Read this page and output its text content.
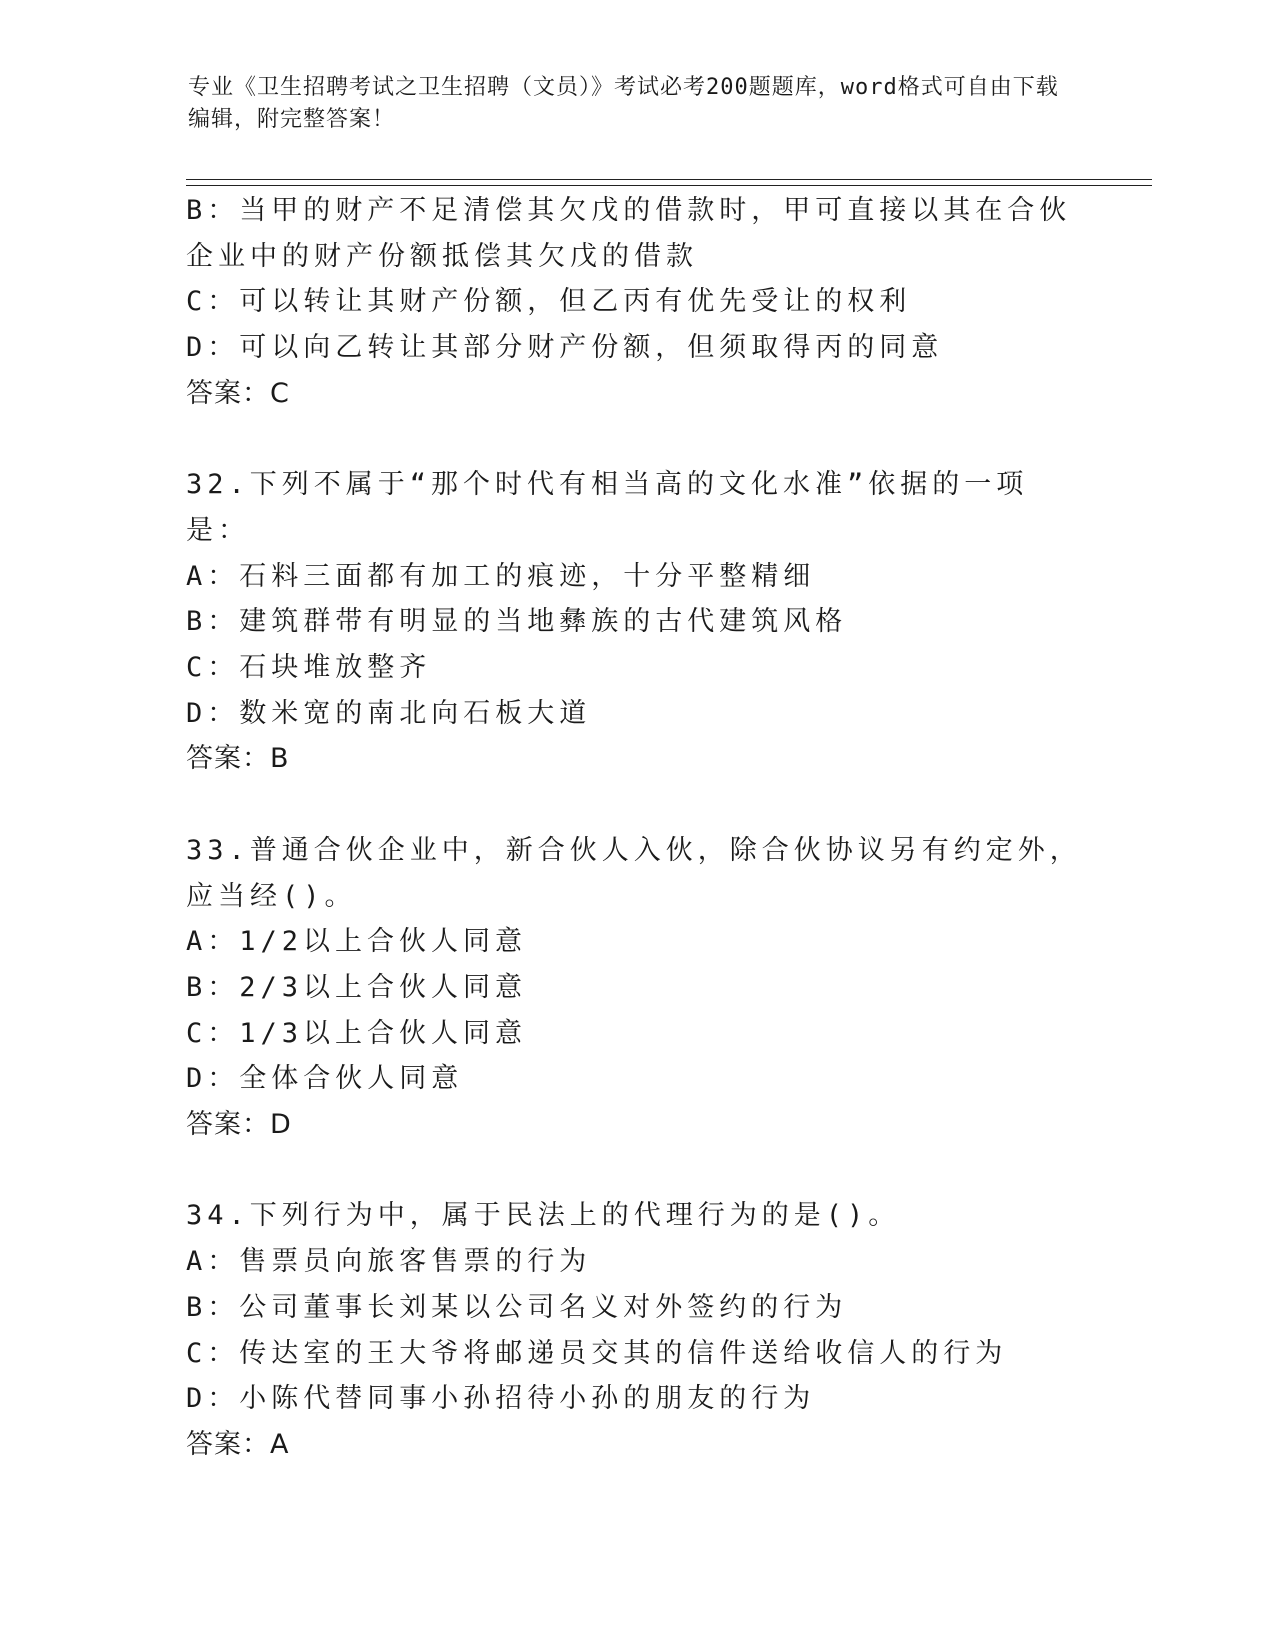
专业《卫生招聘考试之卫生招聘（文员）》考试必考200题题库，word格式可自由下载编辑，附完整答案！

B：当甲的财产不足清偿其欠戊的借款时，甲可直接以其在合伙企业中的财产份额抵偿其欠戊的借款

C：可以转让其财产份额，但乙丙有优先受让的权利

D：可以向乙转让其部分财产份额，但须取得丙的同意

答案：C

32.下列不属于“那个时代有相当高的文化水准”依据的一项是：

A：石料三面都有加工的痕迹，十分平整精细

B：建筑群带有明显的当地彝族的古代建筑风格

C：石块堆放整齐

D：数米宽的南北向石板大道

答案：B

33.普通合伙企业中，新合伙人入伙，除合伙协议另有约定外，应当经()。

A：1/2以上合伙人同意

B：2/3以上合伙人同意

C：1/3以上合伙人同意

D：全体合伙人同意

答案：D

34.下列行为中，属于民法上的代理行为的是()。

A：售票员向旅客售票的行为

B：公司董事长刘某以公司名义对外签约的行为

C：传达室的王大爷将邮递员交其的信件送给收信人的行为

D：小陈代替同事小孙招待小孙的朋友的行为

答案：A
